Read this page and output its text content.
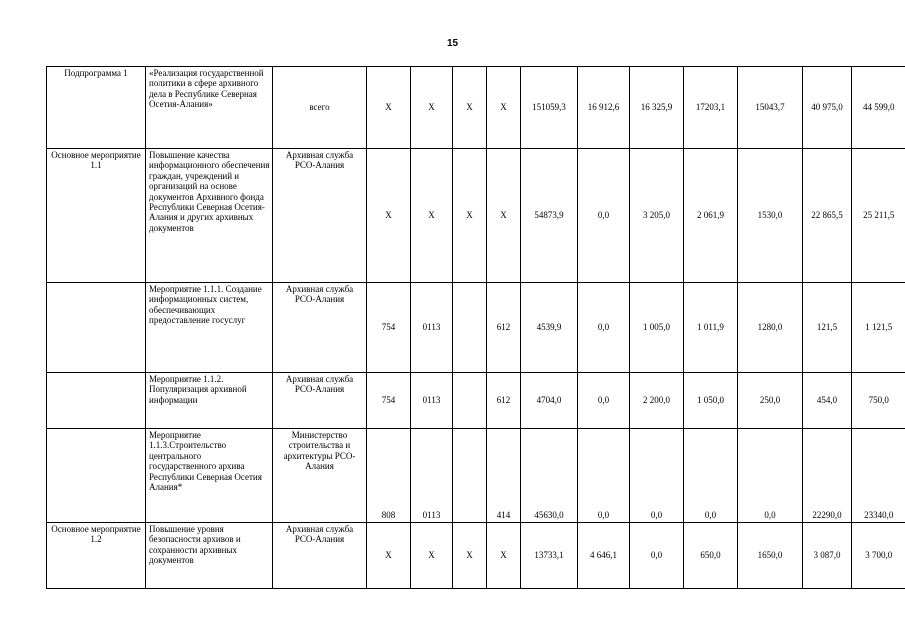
15
Подпрограмма 1	«Реализация государственной политики в сфере архивного дела в Республике Северная Осетия-Алания»	всего	Х	Х	Х	Х	151059,3	16 912,6	16 325,9	17203,1	15043,7	40 975,0	44 599,0
Основное мероприятие 1.1	Повышение качества информационного обеспечения граждан, учреждений и организаций на основе документов Архивного фонда Республики Северная Осетия-Алания и других архивных документов	Архивная служба РСО-Алания	Х	Х	Х	Х	54873,9	0,0	3 205,0	2 061,9	1530,0	22 865,5	25 211,5
	Мероприятие 1.1.1. Создание информационных систем, обеспечивающих предоставление госуслуг	Архивная служба РСО-Алания	754	0113		612	4539,9	0,0	1 005,0	1 011,9	1280,0	121,5	1 121,5
	Мероприятие 1.1.2. Популяризация архивной информации	Архивная служба РСО-Алания	754	0113		612	4704,0	0,0	2 200,0	1 050,0	250,0	454,0	750,0
	Мероприятие 1.1.3.Строительство центрального государственного архива Республики Северная Осетия Алания*	Министерство строительства и архитектуры РСО-Алания	808	0113		414	45630,0	0,0	0,0	0,0	0,0	22290,0	23340,0
Основное мероприятие 1.2	Повышение уровня безопасности архивов и сохранности архивных документов	Архивная служба РСО-Алания	Х	Х	Х	Х	13733,1	4 646,1	0,0	650,0	1650,0	3 087,0	3 700,0
